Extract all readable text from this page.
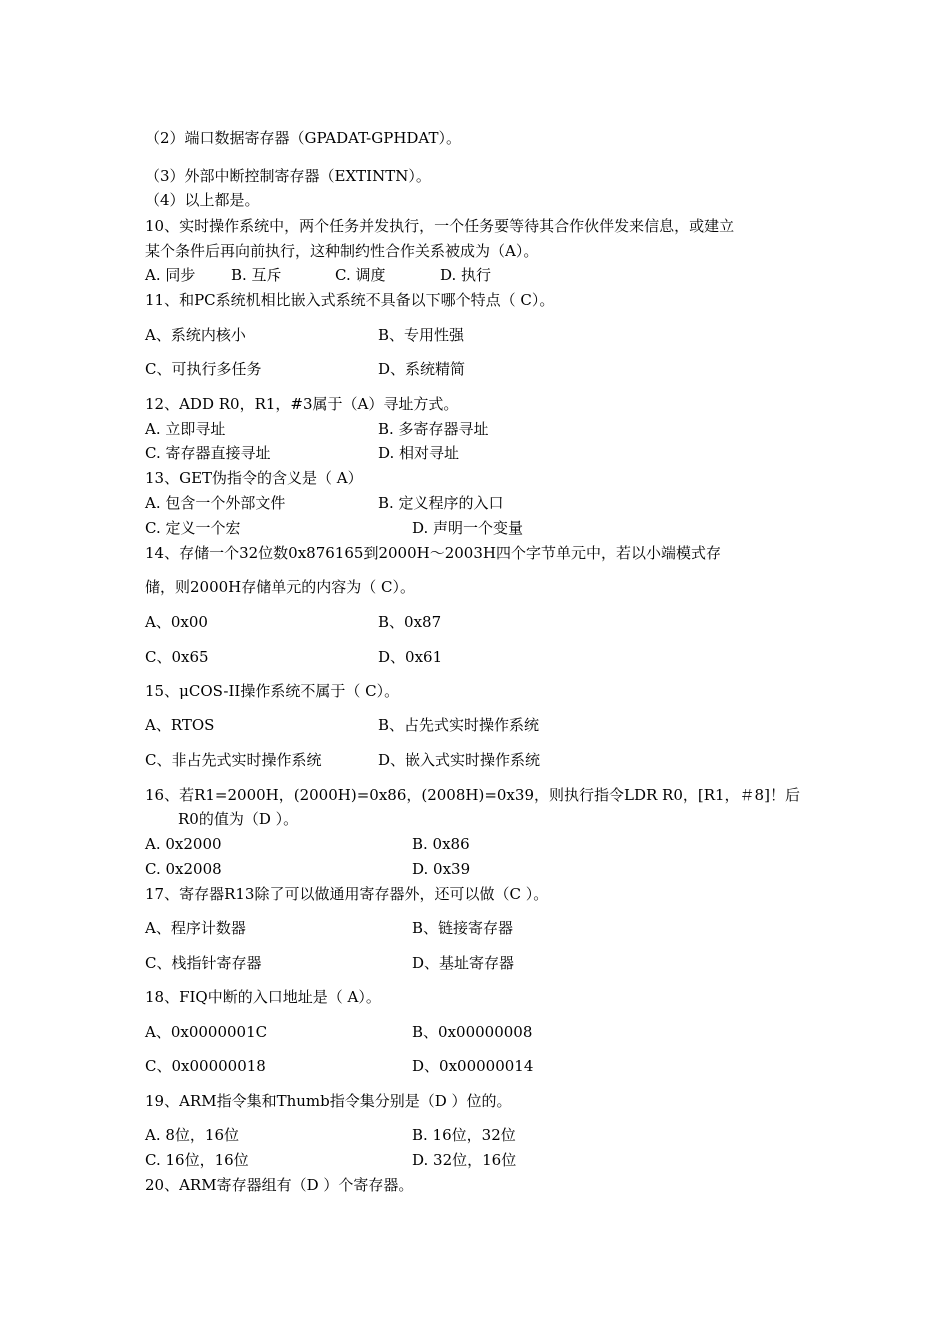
（2）端口数据寄存器（GPADAT-GPHDAT）。
（3）外部中断控制寄存器（EXTINTN）。
（4）以上都是。
10、实时操作系统中，两个任务并发执行，一个任务要等待其合作伙伴发来信息，或建立
某个条件后再向前执行，这种制约性合作关系被成为（A）。
A. 同步 B. 互斥	C. 调度	D. 执行
11、和PC系统机相比嵌入式系统不具备以下哪个特点（ C）。
A、系统内核小	B、专用性强
C、可执行多任务	D、系统精简
12、ADD R0，R1，#3属于（A）寻址方式。
A. 立即寻址	B. 多寄存器寻址
C. 寄存器直接寻址	D. 相对寻址
13、GET伪指令的含义是（ A）
A. 包含一个外部文件	B. 定义程序的入口
C. 定义一个宏	D. 声明一个变量
14、存储一个32位数0x876165到2000H～2003H四个字节单元中，若以小端模式存
储，则2000H存储单元的内容为（ C）。
A、0x00	B、0x87
C、0x65	D、0x61
15、μCOS-II操作系统不属于（ C）。
A、RTOS	B、占先式实时操作系统
C、非占先式实时操作系统	D、嵌入式实时操作系统
16、若R1=2000H，(2000H)=0x86，(2008H)=0x39，则执行指令LDR R0，[R1，＃8]！后
R0的值为（D ）。
A. 0x2000	B. 0x86
C. 0x2008	D. 0x39
17、寄存器R13除了可以做通用寄存器外，还可以做（C ）。
A、程序计数器	B、链接寄存器
C、栈指针寄存器	D、基址寄存器
18、FIQ中断的入口地址是（ A）。
A、0x0000001C	B、0x00000008
C、0x00000018	D、0x00000014
19、ARM指令集和Thumb指令集分别是（D ）位的。
A. 8位，16位	B. 16位，32位
C. 16位，16位	D. 32位，16位
20、ARM寄存器组有（D ）个寄存器。
